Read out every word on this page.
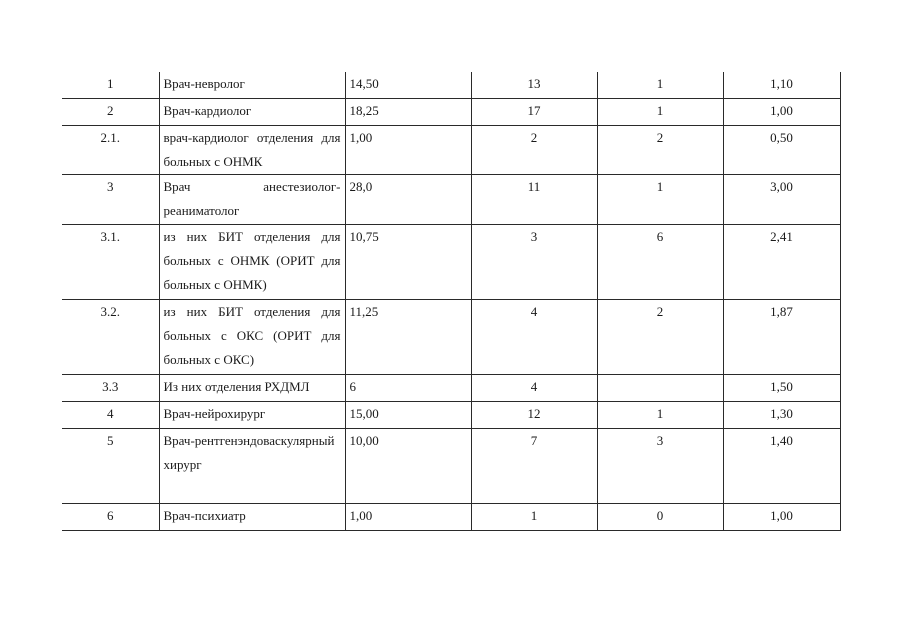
1	Врач-невролог	14,50	13	1	1,10
2	Врач-кардиолог	18,25	17	1	1,00
2.1.	врач-кардиолог отделения для больных с ОНМК	1,00	2	2	0,50
3	Врач анестезиолог-реаниматолог	28,0	11	1	3,00
3.1.	из них БИТ отделения для больных с ОНМК (ОРИТ для больных с ОНМК)	10,75	3	6	2,41
3.2.	из них БИТ отделения для больных с ОКС (ОРИТ для больных с ОКС)	11,25	4	2	1,87
3.3	Из них отделения РХДМЛ	6	4		1,50
4	Врач-нейрохирург	15,00	12	1	1,30
5	Врач-рентгенэндоваскулярный хирург	10,00	7	3	1,40
6	Врач-психиатр	1,00	1	0	1,00
